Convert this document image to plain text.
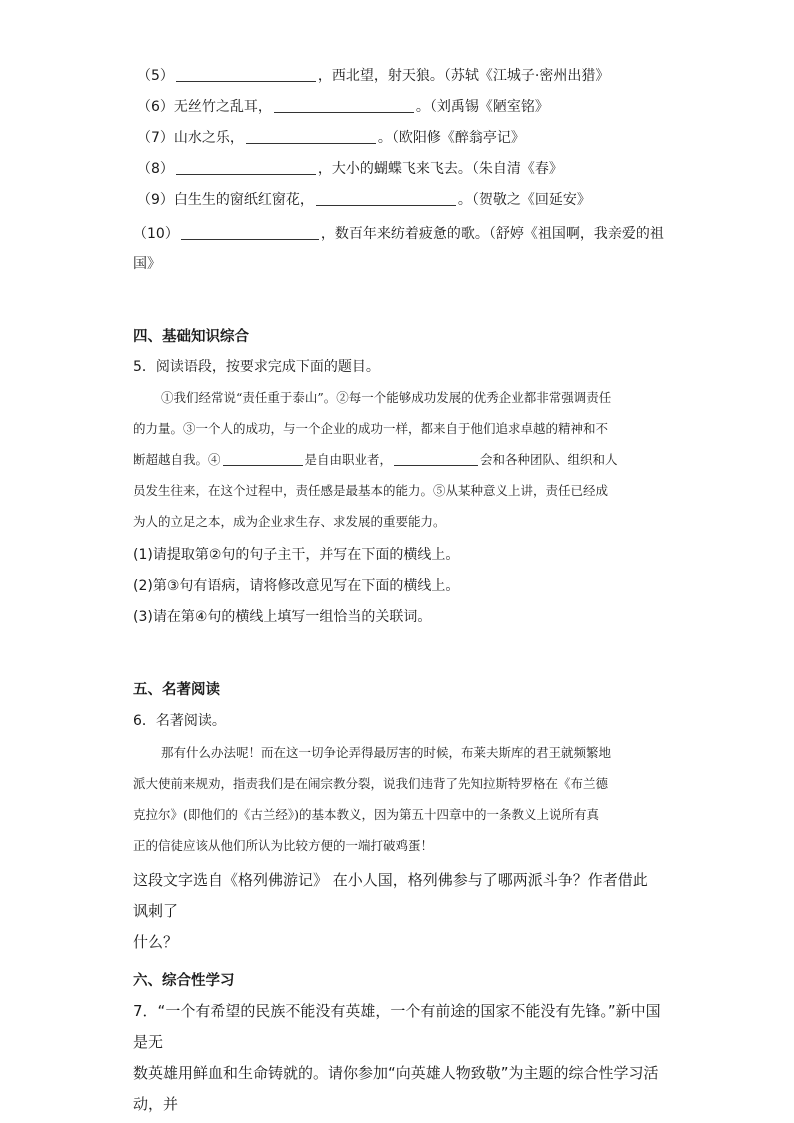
（5）	，西北望，射天狼。（苏轼《江城子·密州出猎》
（6）无丝竹之乱耳，	。（刘禹锡《陋室铭》
（7）山水之乐，	。（欧阳修《醉翁亭记》
（8）	，大小的蝴蝶飞来飞去。（朱自清《春》
（9）白生生的窗纸红窗花，	。（贺敬之《回延安》
（10）	，数百年来纺着疲惫的歌。（舒婷《祖国啊，我亲爱的祖
国》
四、基础知识综合
5．阅读语段，按要求完成下面的题目。
①我们经常说“责任重于泰山”。②每一个能够成功发展的优秀企业都非常强调责任
的力量。③一个人的成功，与一个企业的成功一样，都来自于他们追求卓越的精神和不
断超越自我。④	是自由职业者，	会和各种团队、组织和人
员发生往来，在这个过程中，责任感是最基本的能力。⑤从某种意义上讲，责任已经成
为人的立足之本，成为企业求生存、求发展的重要能力。
(1)请提取第②句的句子主干，并写在下面的横线上。
(2)第③句有语病，请将修改意见写在下面的横线上。
(3)请在第④句的横线上填写一组恰当的关联词。
五、名著阅读
6．名著阅读。
那有什么办法呢！而在这一切争论弄得最厉害的时候，布莱夫斯库的君王就频繁地
派大使前来规劝，指责我们是在闹宗教分裂，说我们违背了先知拉斯特罗格在《布兰德
克拉尔》(即他们的《古兰经》)的基本教义，因为第五十四章中的一条教义上说所有真
正的信徒应该从他们所认为比较方便的一端打破鸡蛋！
这段文字选自《格列佛游记》 在小人国，格列佛参与了哪两派斗争？作者借此讽刺了
什么？
六、综合性学习
7．“一个有希望的民族不能没有英雄，一个有前途的国家不能没有先锋。”新中国是无
数英雄用鲜血和生命铸就的。请你参加“向英雄人物致敬”为主题的综合性学习活动，并
